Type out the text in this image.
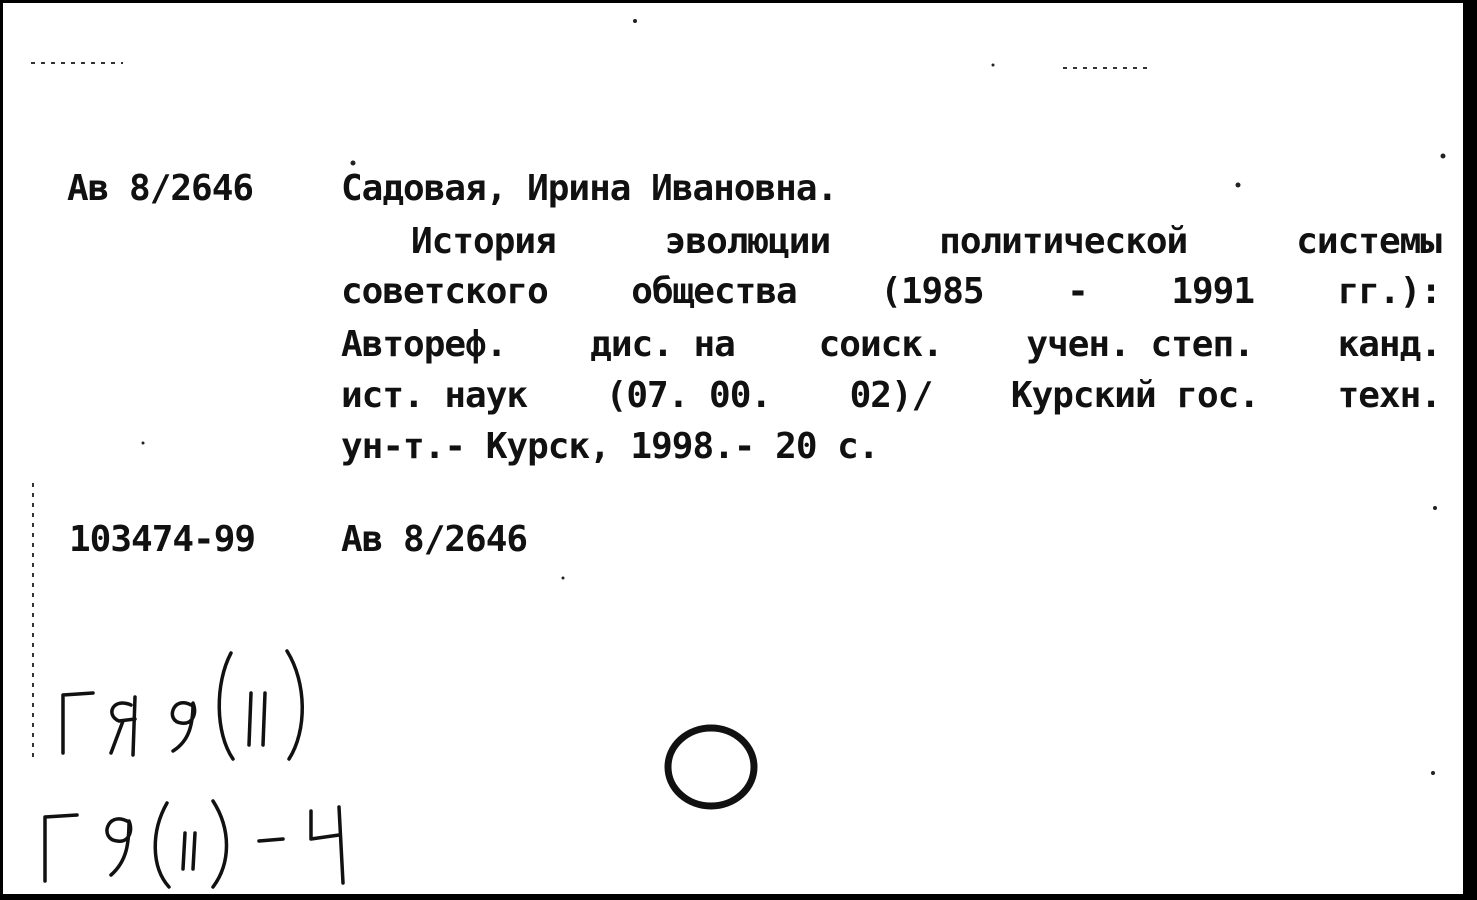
Ав 8/2646 Садовая, Ирина Ивановна.
История	эволюции	политической	системы
советского общества (1985 - 1991 гг.):
Автореф. дис. на соиск. учен. степ. канд.
ист. наук (07. 00. 02)/ Курский гос. техн.
ун-т.- Курск, 1998.- 20 с.
103474-99 Ав 8/2646
